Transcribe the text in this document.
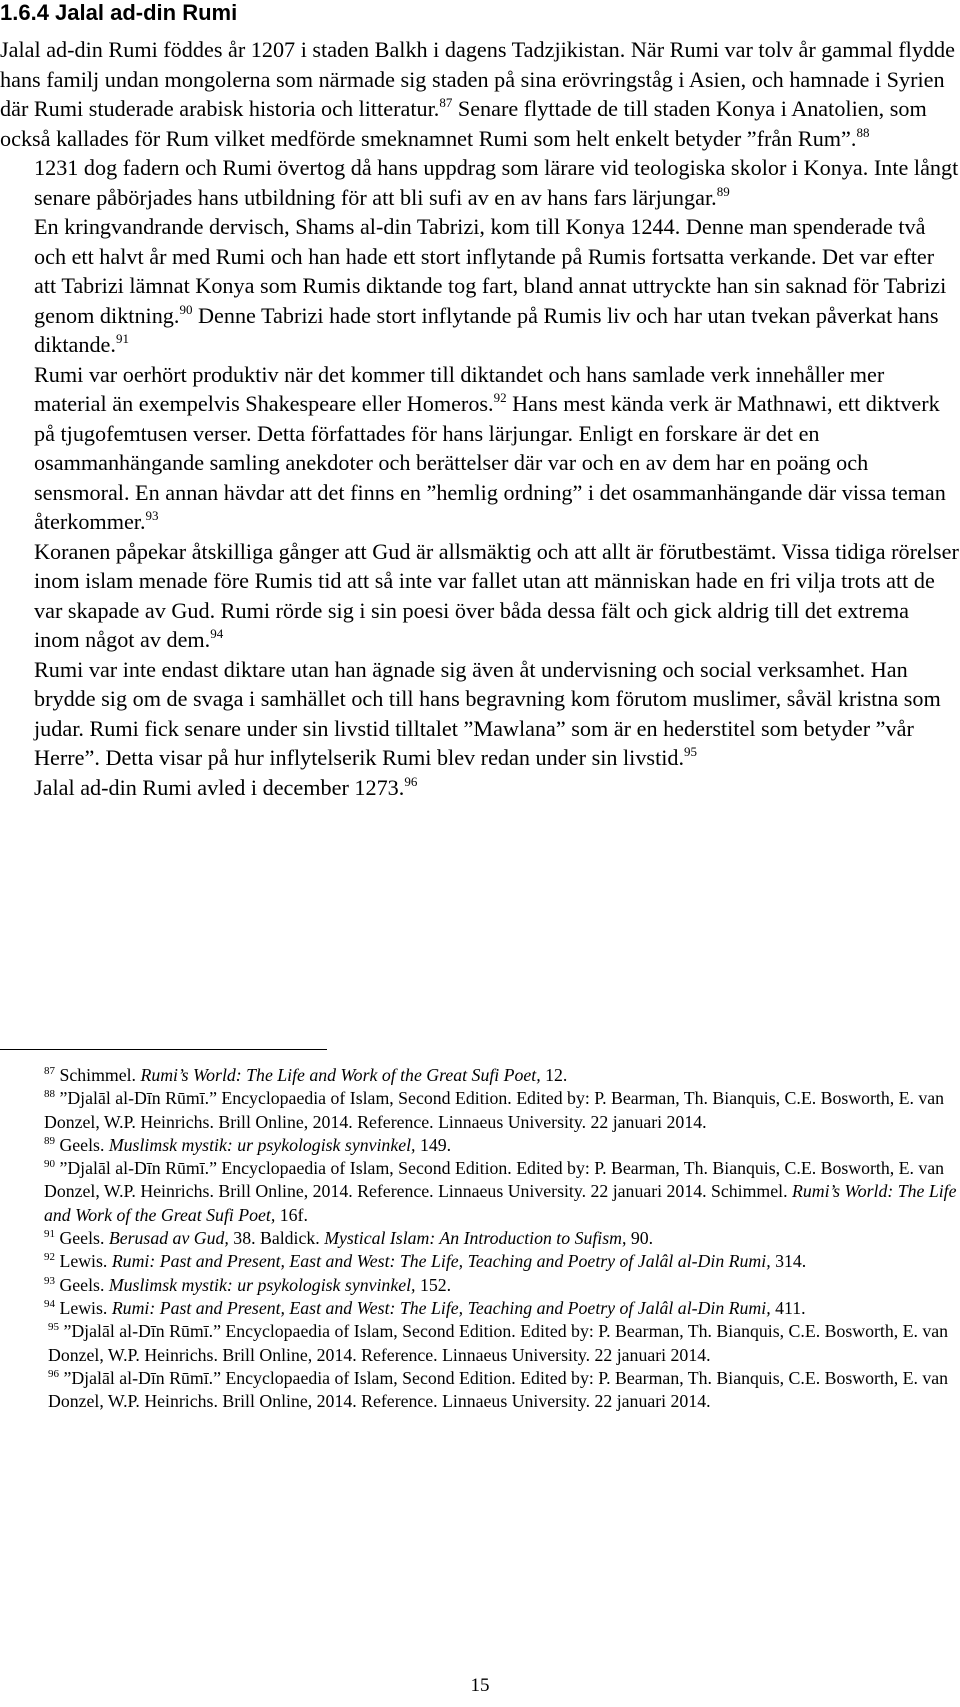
1.6.4 Jalal ad-din Rumi

Jalal ad-din Rumi föddes år 1207 i staden Balkh i dagens Tadzjikistan. När Rumi var tolv år gammal flydde hans familj undan mongolerna som närmade sig staden på sina erövringståg i Asien, och hamnade i Syrien där Rumi studerade arabisk historia och litteratur.$^{87}$ Senare flyttade de till staden Konya i Anatolien, som också kallades för Rum vilket medförde smeknamnet Rumi som helt enkelt betyder ”från Rum”.$^{88}$

1231 dog fadern och Rumi övertog då hans uppdrag som lärare vid teologiska skolor i Konya. Inte långt senare påbörjades hans utbildning för att bli sufi av en av hans fars lärjungar.$^{89}$

En kringvandrande dervisch, Shams al-din Tabrizi, kom till Konya 1244. Denne man spenderade två och ett halvt år med Rumi och han hade ett stort inflytande på Rumis fortsatta verkande. Det var efter att Tabrizi lämnat Konya som Rumis diktande tog fart, bland annat uttryckte han sin saknad för Tabrizi genom diktning.$^{90}$ Denne Tabrizi hade stort inflytande på Rumis liv och har utan tvekan påverkat hans diktande.$^{91}$

Rumi var oerhört produktiv när det kommer till diktandet och hans samlade verk innehåller mer material än exempelvis Shakespeare eller Homeros.$^{92}$ Hans mest kända verk är Mathnawi, ett diktverk på tjugofemtusen verser. Detta författades för hans lärjungar. Enligt en forskare är det en osammanhängande samling anekdoter och berättelser där var och en av dem har en poäng och sensmoral. En annan hävdar att det finns en ”hemlig ordning” i det osammanhängande där vissa teman återkommer.$^{93}$

Koranen påpekar åtskilliga gånger att Gud är allsmäktig och att allt är förutbestämt. Vissa tidiga rörelser inom islam menade före Rumis tid att så inte var fallet utan att människan hade en fri vilja trots att de var skapade av Gud. Rumi rörde sig i sin poesi över båda dessa fält och gick aldrig till det extrema inom något av dem.$^{94}$

Rumi var inte endast diktare utan han ägnade sig även åt undervisning och social verksamhet. Han brydde sig om de svaga i samhället och till hans begravning kom förutom muslimer, såväl kristna som judar. Rumi fick senare under sin livstid tilltalet ”Mawlana” som är en hederstitel som betyder ”vår Herre”. Detta visar på hur inflytelserik Rumi blev redan under sin livstid.$^{95}$

Jalal ad-din Rumi avled i december 1273.96

$^{87}$ Schimmel. Rumi’s World: The Life and Work of the Great Sufi Poet, 12.

$^{88}$ ”Djalāl al-Dīn Rūmī.” Encyclopaedia of Islam, Second Edition. Edited by: P. Bearman, Th. Bianquis, C.E. Bosworth, E. van Donzel, W.P. Heinrichs. Brill Online, 2014. Reference. Linnaeus University. 22 januari 2014.

$^{89}$ Geels. Muslimsk mystik: ur psykologisk synvinkel, 149.

$^{90}$ ”Djalāl al-Dīn Rūmī.” Encyclopaedia of Islam, Second Edition. Edited by: P. Bearman, Th. Bianquis, C.E. Bosworth, E. van Donzel, W.P. Heinrichs. Brill Online, 2014. Reference. Linnaeus University. 22 januari 2014. Schimmel. Rumi’s World: The Life and Work of the Great Sufi Poet, 16f.

$^{91}$ Geels. Berusad av Gud, 38. Baldick. Mystical Islam: An Introduction to Sufism, 90.

$^{92}$ Lewis. Rumi: Past and Present, East and West: The Life, Teaching and Poetry of Jalâl al-Din Rumi, 314.

$^{93}$ Geels. Muslimsk mystik: ur psykologisk synvinkel, 152.

$^{94}$ Lewis. Rumi: Past and Present, East and West: The Life, Teaching and Poetry of Jalâl al-Din Rumi, 411.

$^{95}$ ”Djalāl al-Dīn Rūmī.” Encyclopaedia of Islam, Second Edition. Edited by: P. Bearman, Th. Bianquis, C.E. Bosworth, E. van Donzel, W.P. Heinrichs. Brill Online, 2014. Reference. Linnaeus University. 22 januari 2014.

$^{96}$ ”Djalāl al-Dīn Rūmī.” Encyclopaedia of Islam, Second Edition. Edited by: P. Bearman, Th. Bianquis, C.E. Bosworth, E. van Donzel, W.P. Heinrichs. Brill Online, 2014. Reference. Linnaeus University. 22 januari 2014.

15
